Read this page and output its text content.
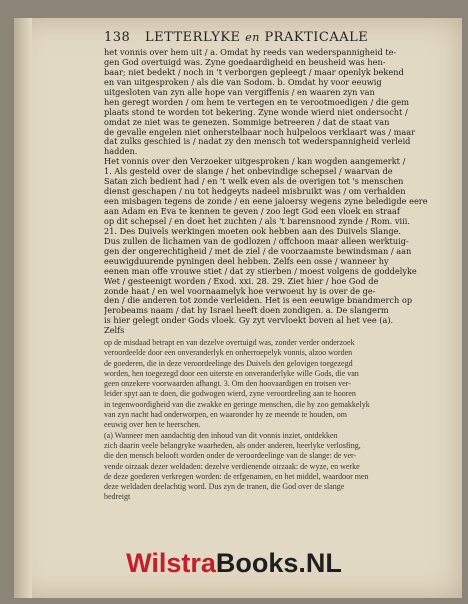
138 LETTERLYKE en PRAKTICAALE
het vonnis over hem uit / a. Omdat hy reeds van wederspannigheid te-
gen God overtuigd was. Zyne goedaardigheid en beusheid was hen-
baar; niet bedekt / noch in 't verborgen gepleegt / maar openlyk bekend
en van uitgesproken / als die van Sodom. b. Omdat hy voor eeuwig
uitgesloten van zyn alle hope van vergiffenis / en waaren zyn van
hen geregt worden / om hem te vertegen en te verootmoedigen / die gem
plaats stond te worden tot bekering. Zyne wonde wierd niet ondersocht /
omdat ze niet was te genezen. Sommige betreeren / dat de staat van
de gevalle engelen niet onherstelbaar noch hulpeloos verklaart was / maar
dat zulks geschied is / nadat zy den mensch tot wederspannigheid verleid
hadden.
Het vonnis over den Verzoeker uitgesproken / kan wogden aangemerkt /
1. Als gesteld over de slange / het onbevindige schepsel / waarvan de
Satan zich bedient had / en 't welk even als de overigen tot 's menschen
dienst geschapen / nu tot hedgeyts nadeel misbruikt was / om verhalden
een misbagen tegens de zonde / en eene jaloersy wegens zyne beledigde eere
aan Adam en Eva te kennen te geven / zoo legt God een vloek en straaf
op dit schepsel / en doet het zuchten / als 't barensnood zynde / Rom. viii.
21. Des Duivels werkingen moeten ook hebben aan des Duivels Slange.
Dus zullen de lichamen van de godlozen / offchoon maar alleen werktuig-
gen der ongerechtigheid / met de ziel / de voorzaamste bewindsman / aan
eeuwigduurende pyningen deel hebben. Zelfs een osse / wanneer hy
eenen man offe vrouwe stiet / dat zy stierben / moest volgens de goddelyke
Wet / gesteenigt worden / Exod. xxi. 28. 29. Ziet hier / hoe God de
zonde haat / en wel voornaamelyk hoe verwoeut hy is over de ge-
den / die anderen tot zonde verleiden. Het is een eeuwige bnandmerch op
Jerobeams naam / dat hy Israel heeft doen zondigen. a. De slangerm
is hier gelegt onder Gods vloek. Gy zyt vervloekt boven al het vee (a).
Zelfs
op de misdaad betrapt en van dezelve overtuigd was, zonder verder onderzoek
veroordeelde door een onveranderlyk en onherroepelyk vonnis, alzoo worden
de goederen, die in deze veroordeelinge des Duivels den gelovigen toegezegd
worden, hen toegezegd door een uiterste en onveranderlyke wille Gods, die van
geen onzekere voorwaarden afhangt. 3. Om den hoovaardigen en trotsen ver-
leider spyt aan te doen, die godwogen wierd, zyne veroordeeling aan te hooren
in tegenwoordigheid van die zwakke en geringe menschen, die hy zoo gemakkelyk
van zyn nacht had onderworpen, en waaronder hy ze meende te houden, om
eeuwig over hen te heerschen.
(a) Wanneer men aandachtig den inhoud van dit vonnis inziet, ontdekken
zich daarin veele belangryke waarheden, als onder anderen, heerlyke verlosfing,
die den mensch belooft worden onder de veroordeelinge van de slange: de ver-
vende oirzaak dezer weldaden: dezelve verdienende oirzaak: de wyze, en werke
de deze goederen verkregen worden: de erfgenamen, en het middel, waardoor men
deze weldaden deelachtig word. Dus zyn de tranen, die God over de slange
bedreigt
WilstraBooks.NL
